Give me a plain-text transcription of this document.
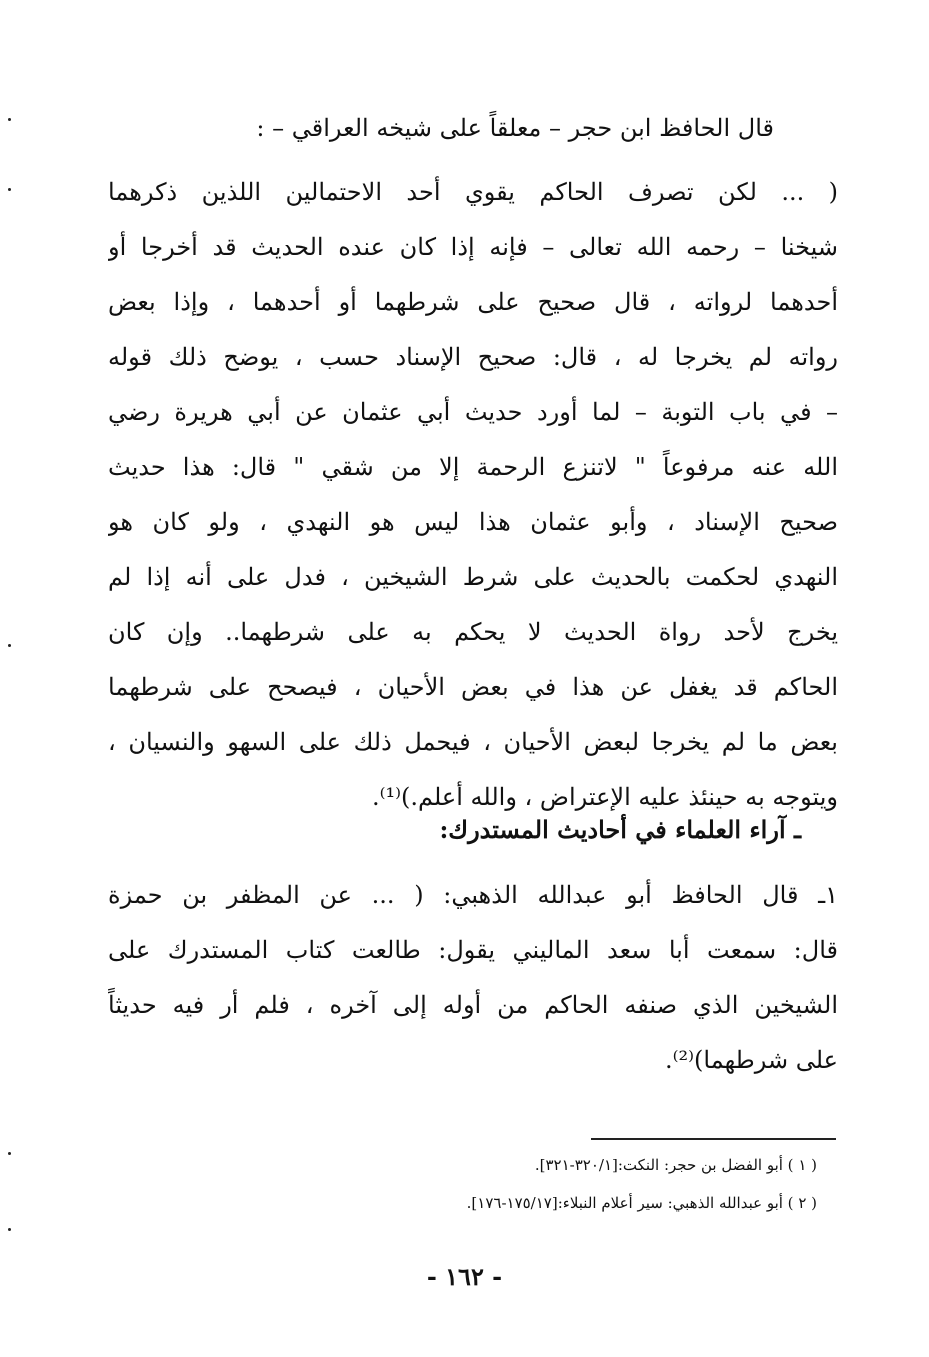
قال الحافظ ابن حجر – معلقاً على شيخه العراقي – :
( ... لكن تصرف الحاكم يقوي أحد الاحتمالين اللذين ذكرهما
شيخنا – رحمه الله تعالى – فإنه إذا كان عنده الحديث قد أخرجا أو
أحدهما لرواته ، قال صحيح على شرطهما أو أحدهما ، وإذا بعض
رواته لم يخرجا له ، قال: صحيح الإسناد حسب ، يوضح ذلك قوله
– في باب التوبة – لما أورد حديث أبي عثمان عن أبي هريرة رضي
الله عنه مرفوعاً " لاتنزع الرحمة إلا من شقي " قال: هذا حديث
صحيح الإسناد ، وأبو عثمان هذا ليس هو النهدي ، ولو كان هو
النهدي لحكمت بالحديث على شرط الشيخين ، فدل على أنه إذا لم
يخرج لأحد رواة الحديث لا يحكم به على شرطهما.. وإن كان
الحاكم قد يغفل عن هذا في بعض الأحيان ، فيصحح على شرطهما
بعض ما لم يخرجا لبعض الأحيان ، فيحمل ذلك على السهو والنسيان ،
ويتوجه به حينئذ عليه الإعتراض ، والله أعلم.)⁽¹⁾.
ـ آراء العلماء في أحاديث المستدرك:
١ـ قال الحافظ أبو عبدالله الذهبي: ( ... عن المظفر بن حمزة
قال: سمعت أبا سعد الماليني يقول: طالعت كتاب المستدرك على
الشيخين الذي صنفه الحاكم من أوله إلى آخره ، فلم أر فيه حديثاً
على شرطهما)⁽²⁾.
( ١ ) أبو الفضل بن حجر: النكت:[٣٢٠/١-٣٢١].
( ٢ ) أبو عبدالله الذهبي: سير أعلام النبلاء:[١٧٥/١٧-١٧٦].
- ١٦٢ -
